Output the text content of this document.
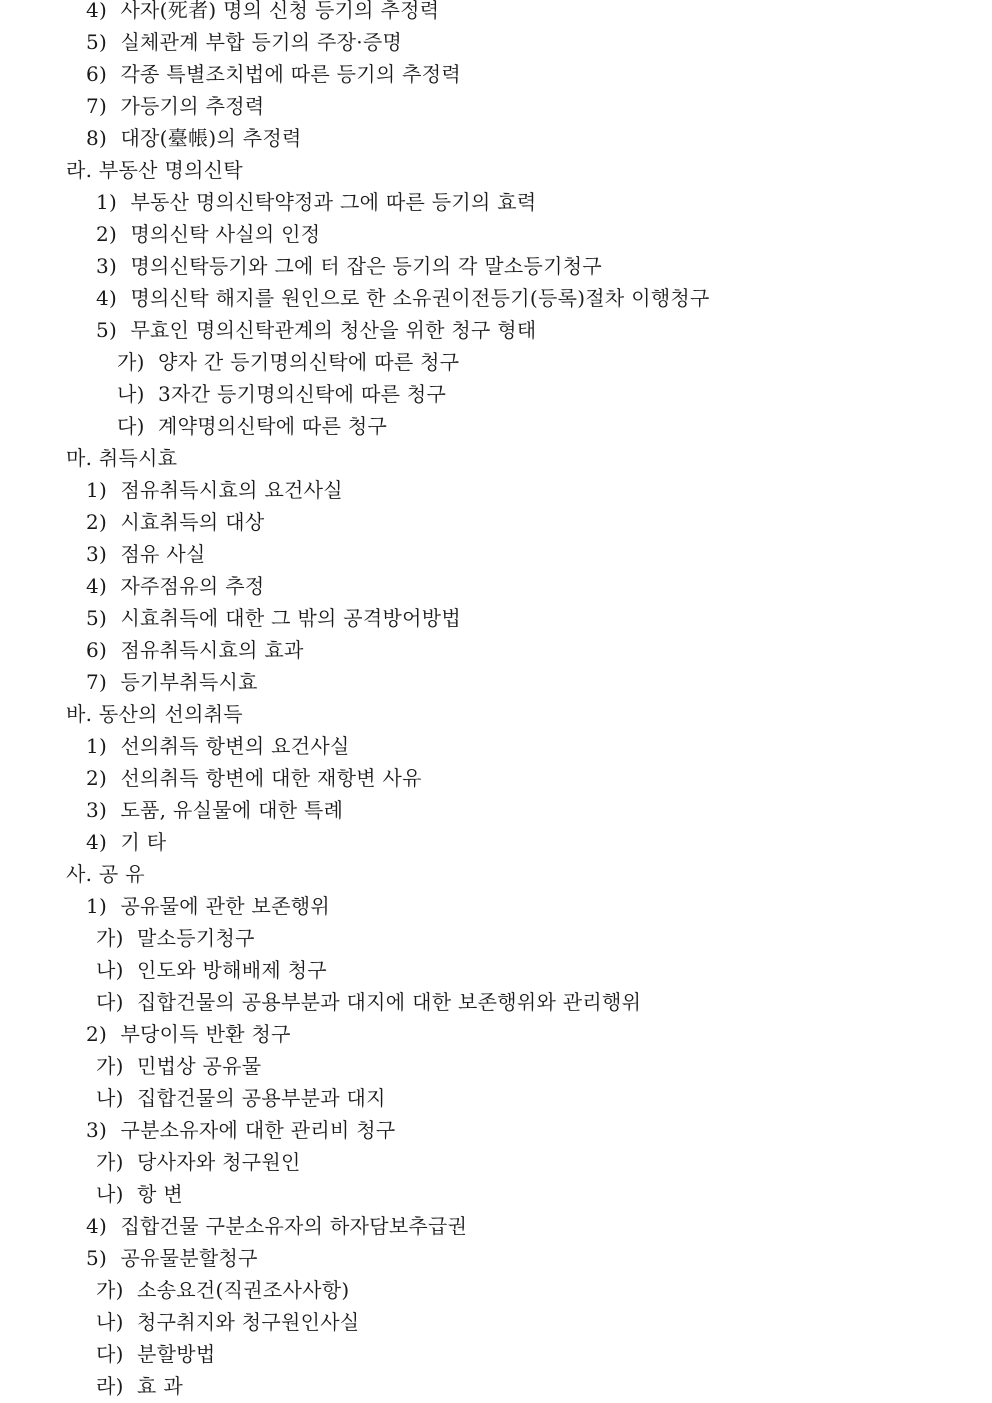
4)  사자(死者) 명의 신청 등기의 추정력
5)  실체관계 부합 등기의 주장·증명
6)  각종 특별조치법에 따른 등기의 추정력
7)  가등기의 추정력
8)  대장(臺帳)의 추정력
라. 부동산 명의신탁
1)  부동산 명의신탁약정과 그에 따른 등기의 효력
2)  명의신탁 사실의 인정
3)  명의신탁등기와 그에 터 잡은 등기의 각 말소등기청구
4)  명의신탁 해지를 원인으로 한 소유권이전등기(등록)절차 이행청구
5)  무효인 명의신탁관계의 청산을 위한 청구 형태
가)  양자 간 등기명의신탁에 따른 청구
나)  3자간 등기명의신탁에 따른 청구
다)  계약명의신탁에 따른 청구
마. 취득시효
1)  점유취득시효의 요건사실
2)  시효취득의 대상
3)  점유 사실
4)  자주점유의 추정
5)  시효취득에 대한 그 밖의 공격방어방법
6)  점유취득시효의 효과
7)  등기부취득시효
바. 동산의 선의취득
1)  선의취득 항변의 요건사실
2)  선의취득 항변에 대한 재항변 사유
3)  도품, 유실물에 대한 특례
4)  기 타
사. 공 유
1)  공유물에 관한 보존행위
가)  말소등기청구
나)  인도와 방해배제 청구
다)  집합건물의 공용부분과 대지에 대한 보존행위와 관리행위
2)  부당이득 반환 청구
가)  민법상 공유물
나)  집합건물의 공용부분과 대지
3)  구분소유자에 대한 관리비 청구
가)  당사자와 청구원인
나)  항 변
4)  집합건물 구분소유자의 하자담보추급권
5)  공유물분할청구
가)  소송요건(직권조사사항)
나)  청구취지와 청구원인사실
다)  분할방법
라)  효 과
